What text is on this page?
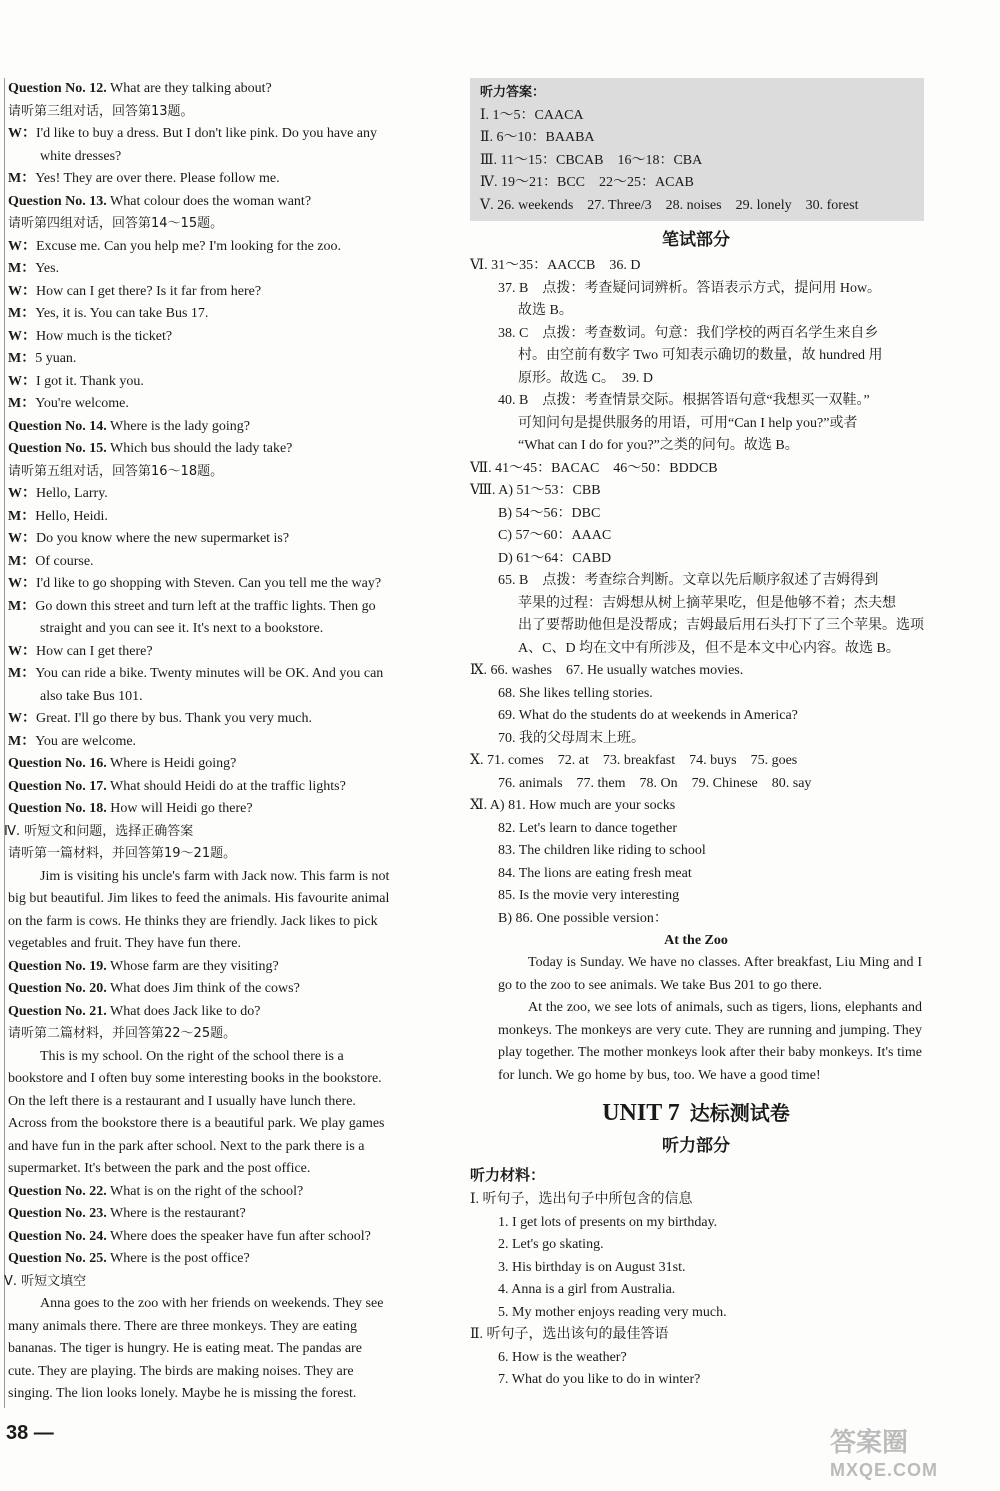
Question No. 12. What are they talking about?
请听第三组对话，回答第13题。
W：I'd like to buy a dress. But I don't like pink. Do you have any
white dresses?
M：Yes! They are over there. Please follow me.
Question No. 13. What colour does the woman want?
请听第四组对话，回答第14～15题。
W：Excuse me. Can you help me? I'm looking for the zoo.
M：Yes.
W：How can I get there? Is it far from here?
M：Yes, it is. You can take Bus 17.
W：How much is the ticket?
M：5 yuan.
W：I got it. Thank you.
M：You're welcome.
Question No. 14. Where is the lady going?
Question No. 15. Which bus should the lady take?
请听第五组对话，回答第16～18题。
W：Hello, Larry.
M：Hello, Heidi.
W：Do you know where the new supermarket is?
M：Of course.
W：I'd like to go shopping with Steven. Can you tell me the way?
M：Go down this street and turn left at the traffic lights. Then go
straight and you can see it. It's next to a bookstore.
W：How can I get there?
M：You can ride a bike. Twenty minutes will be OK. And you can
also take Bus 101.
W：Great. I'll go there by bus. Thank you very much.
M：You are welcome.
Question No. 16. Where is Heidi going?
Question No. 17. What should Heidi do at the traffic lights?
Question No. 18. How will Heidi go there?
Ⅳ. 听短文和问题，选择正确答案
请听第一篇材料，并回答第19～21题。
Jim is visiting his uncle's farm with Jack now. This farm is not
big but beautiful. Jim likes to feed the animals. His favourite animal
on the farm is cows. He thinks they are friendly. Jack likes to pick
vegetables and fruit. They have fun there.
Question No. 19. Whose farm are they visiting?
Question No. 20. What does Jim think of the cows?
Question No. 21. What does Jack like to do?
请听第二篇材料，并回答第22～25题。
This is my school. On the right of the school there is a
bookstore and I often buy some interesting books in the bookstore.
On the left there is a restaurant and I usually have lunch there.
Across from the bookstore there is a beautiful park. We play games
and have fun in the park after school. Next to the park there is a
supermarket. It's between the park and the post office.
Question No. 22. What is on the right of the school?
Question No. 23. Where is the restaurant?
Question No. 24. Where does the speaker have fun after school?
Question No. 25. Where is the post office?
Ⅴ. 听短文填空
Anna goes to the zoo with her friends on weekends. They see
many animals there. There are three monkeys. They are eating
bananas. The tiger is hungry. He is eating meat. The pandas are
cute. They are playing. The birds are making noises. They are
singing. The lion looks lonely. Maybe he is missing the forest.
听力答案：
Ⅰ. 1～5：CAACA
Ⅱ. 6～10：BAABA
Ⅲ. 11～15：CBCAB　16～18：CBA
Ⅳ. 19～21：BCC　22～25：ACAB
Ⅴ. 26. weekends　27. Three/3　28. noises　29. lonely　30. forest
笔试部分
Ⅵ. 31～35：AACCB　36. D
37. B　点拨：考查疑问词辨析。答语表示方式，提问用 How。
故选 B。
38. C　点拨：考查数词。句意：我们学校的两百名学生来自乡
村。由空前有数字 Two 可知表示确切的数量，故 hundred 用
原形。故选 C。　39. D
40. B　点拨：考查情景交际。根据答语句意“我想买一双鞋。”
可知问句是提供服务的用语，可用“Can I help you?”或者
“What can I do for you?”之类的问句。故选 B。
Ⅶ. 41～45：BACAC　46～50：BDDCB
Ⅷ. A) 51～53：CBB
B) 54～56：DBC
C) 57～60：AAAC
D) 61～64：CABD
65. B　点拨：考查综合判断。文章以先后顺序叙述了吉姆得到
苹果的过程：吉姆想从树上摘苹果吃，但是他够不着；杰夫想
出了要帮助他但是没帮成；吉姆最后用石头打下了三个苹果。选项
A、C、D 均在文中有所涉及，但不是本文中心内容。故选 B。
Ⅸ. 66. washes　67. He usually watches movies.
68. She likes telling stories.
69. What do the students do at weekends in America?
70. 我的父母周末上班。
Ⅹ. 71. comes　72. at　73. breakfast　74. buys　75. goes
76. animals　77. them　78. On　79. Chinese　80. say
Ⅺ. A) 81. How much are your socks
82. Let's learn to dance together
83. The children like riding to school
84. The lions are eating fresh meat
85. Is the movie very interesting
B) 86. One possible version：
At the Zoo
Today is Sunday. We have no classes. After breakfast, Liu Ming and I go to the zoo to see animals. We take Bus 201 to go there.
At the zoo, we see lots of animals, such as tigers, lions, elephants and monkeys. The monkeys are very cute. They are running and jumping. They play together. The mother monkeys look after their baby monkeys. It's time for lunch. We go home by bus, too. We have a good time!
UNIT 7 达标测试卷
听力部分
听力材料：
Ⅰ. 听句子，选出句子中所包含的信息
1. I get lots of presents on my birthday.
2. Let's go skating.
3. His birthday is on August 31st.
4. Anna is a girl from Australia.
5. My mother enjoys reading very much.
Ⅱ. 听句子，选出该句的最佳答语
6. How is the weather?
7. What do you like to do in winter?
38 —	答案圈
MXQE.COM
